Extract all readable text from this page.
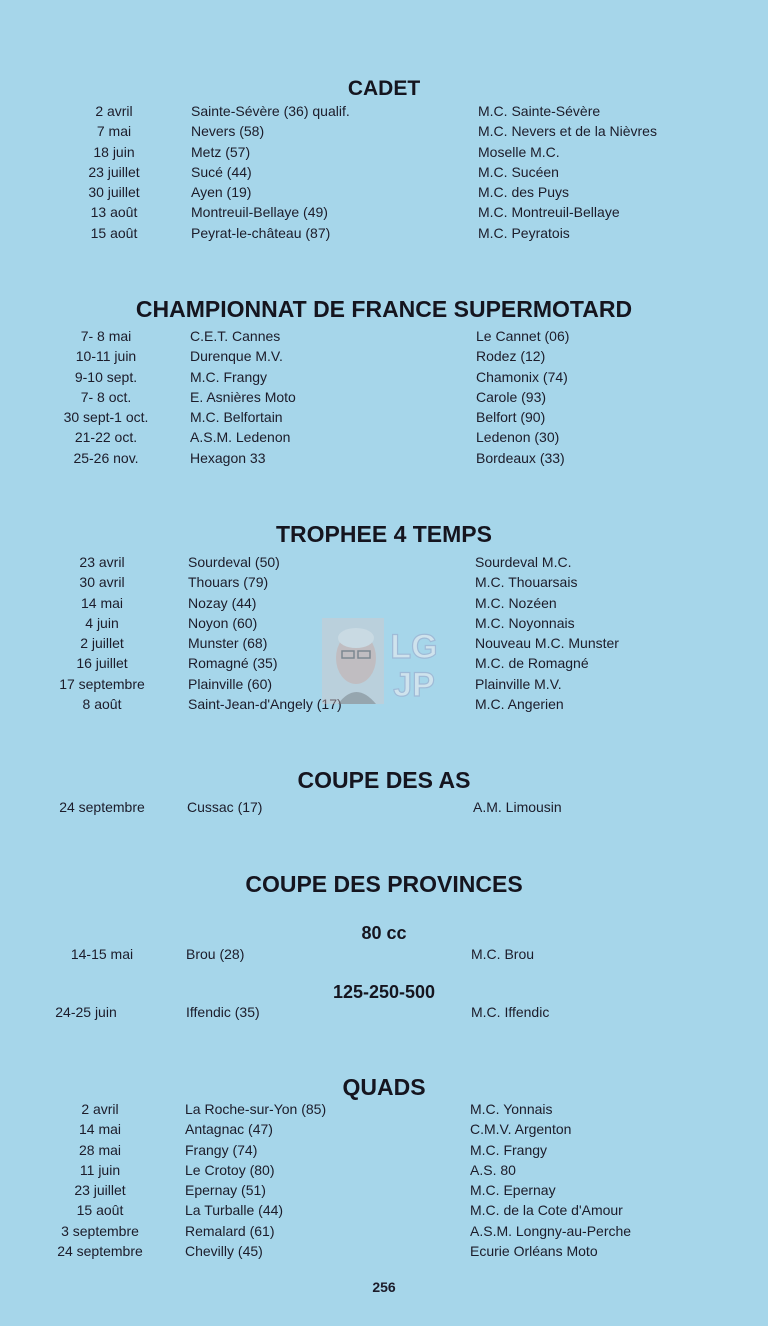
CADET
2 avril	Sainte-Sévère (36) qualif.	M.C. Sainte-Sévère
7 mai	Nevers (58)	M.C. Nevers et de la Nièvres
18 juin	Metz (57)	Moselle M.C.
23 juillet	Sucé (44)	M.C. Sucéen
30 juillet	Ayen (19)	M.C. des Puys
13 août	Montreuil-Bellaye (49)	M.C. Montreuil-Bellaye
15 août	Peyrat-le-château (87)	M.C. Peyratois
CHAMPIONNAT DE FRANCE SUPERMOTARD
7- 8 mai	C.E.T. Cannes	Le Cannet (06)
10-11 juin	Durenque M.V.	Rodez (12)
9-10 sept.	M.C. Frangy	Chamonix (74)
7- 8 oct.	E. Asnières Moto	Carole (93)
30 sept-1 oct.	M.C. Belfortain	Belfort (90)
21-22 oct.	A.S.M. Ledenon	Ledenon (30)
25-26 nov.	Hexagon 33	Bordeaux (33)
TROPHEE 4 TEMPS
23 avril	Sourdeval (50)	Sourdeval M.C.
30 avril	Thouars (79)	M.C. Thouarsais
14 mai	Nozay (44)	M.C. Nozéen
4 juin	Noyon (60)	M.C. Noyonnais
2 juillet	Munster (68)	Nouveau M.C. Munster
16 juillet	Romagné (35)	M.C. de Romagné
17 septembre	Plainville (60)	Plainville M.V.
8 août	Saint-Jean-d'Angely (17)	M.C. Angerien
COUPE DES AS
24 septembre	Cussac (17)	A.M. Limousin
COUPE DES PROVINCES
80 cc
14-15 mai	Brou (28)	M.C. Brou
125-250-500
24-25 juin	Iffendic (35)	M.C. Iffendic
QUADS
2 avril	La Roche-sur-Yon (85)	M.C. Yonnais
14 mai	Antagnac (47)	C.M.V. Argenton
28 mai	Frangy (74)	M.C. Frangy
11 juin	Le Crotoy (80)	A.S. 80
23 juillet	Epernay (51)	M.C. Epernay
15 août	La Turballe (44)	M.C. de la Cote d'Amour
3 septembre	Remalard (61)	A.S.M. Longny-au-Perche
24 septembre	Chevilly (45)	Ecurie Orléans Moto
256
LG
JP
